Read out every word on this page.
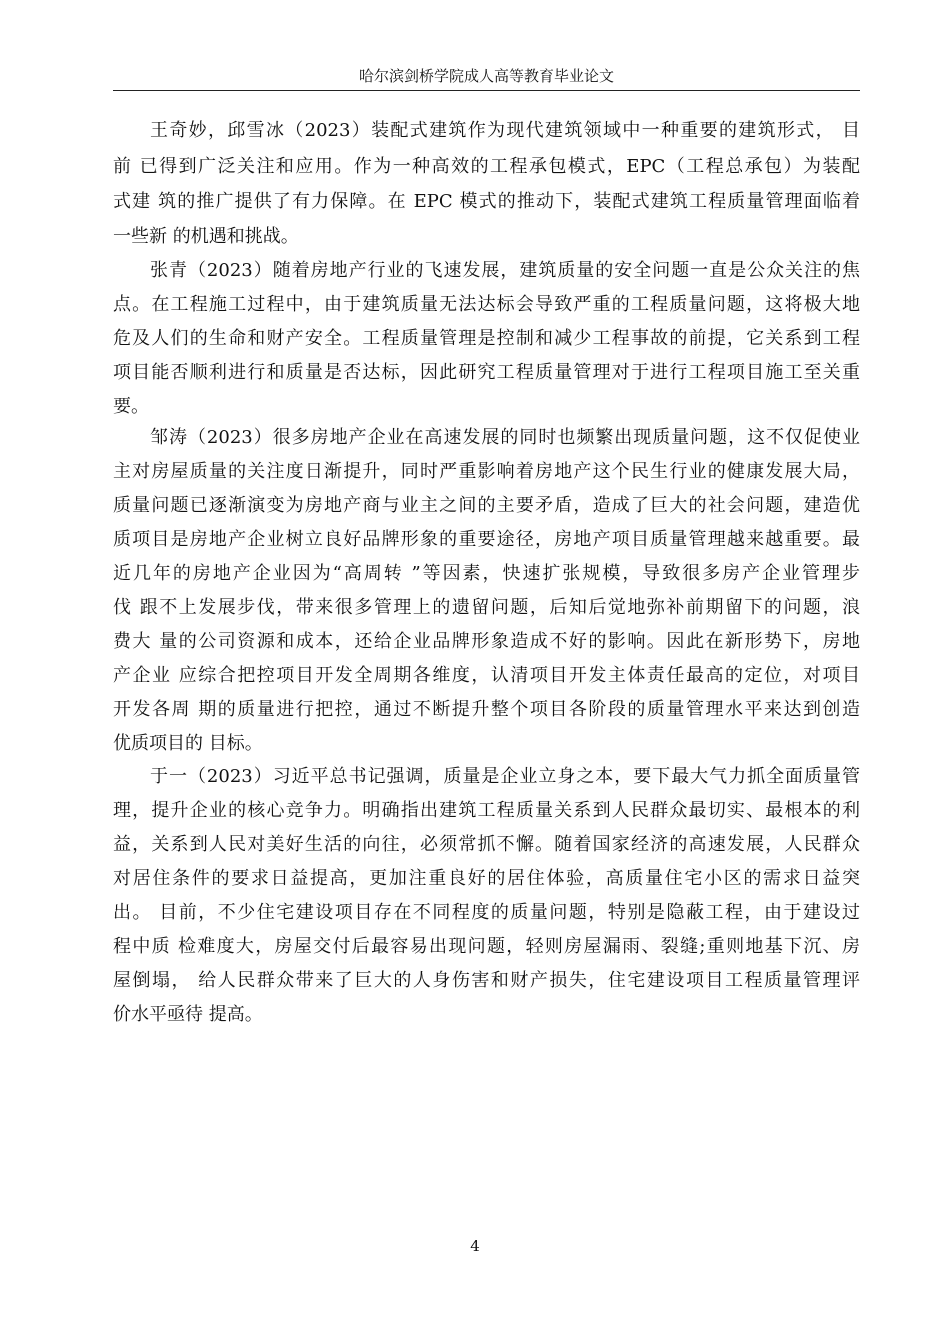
哈尔滨剑桥学院成人高等教育毕业论文
王奇妙，邱雪冰（2023）装配式建筑作为现代建筑领域中一种重要的建筑形式， 目
前 已得到广泛关注和应用。作为一种高效的工程承包模式，EPC（工程总承包）为装配
式建 筑的推广提供了有力保障。在 EPC 模式的推动下，装配式建筑工程质量管理面临着
一些新 的机遇和挑战。
张青（2023）随着房地产行业的飞速发展，建筑质量的安全问题一直是公众关注的焦
点。在工程施工过程中，由于建筑质量无法达标会导致严重的工程质量问题，这将极大地
危及人们的生命和财产安全。工程质量管理是控制和减少工程事故的前提，它关系到工程
项目能否顺利进行和质量是否达标，因此研究工程质量管理对于进行工程项目施工至关重
要。
邹涛（2023）很多房地产企业在高速发展的同时也频繁出现质量问题，这不仅促使业
主对房屋质量的关注度日渐提升，同时严重影响着房地产这个民生行业的健康发展大局，
质量问题已逐渐演变为房地产商与业主之间的主要矛盾，造成了巨大的社会问题，建造优
质项目是房地产企业树立良好品牌形象的重要途径，房地产项目质量管理越来越重要。最
近几年的房地产企业因为“高周转 ”等因素，快速扩张规模，导致很多房产企业管理步
伐 跟不上发展步伐，带来很多管理上的遗留问题，后知后觉地弥补前期留下的问题，浪
费大 量的公司资源和成本，还给企业品牌形象造成不好的影响。因此在新形势下，房地
产企业 应综合把控项目开发全周期各维度，认清项目开发主体责任最高的定位，对项目
开发各周 期的质量进行把控，通过不断提升整个项目各阶段的质量管理水平来达到创造
优质项目的 目标。
于一（2023）习近平总书记强调，质量是企业立身之本，要下最大气力抓全面质量管
理，提升企业的核心竞争力。明确指出建筑工程质量关系到人民群众最切实、最根本的利
益，关系到人民对美好生活的向往，必须常抓不懈。随着国家经济的高速发展，人民群众
对居住条件的要求日益提高，更加注重良好的居住体验，高质量住宅小区的需求日益突
出。 目前，不少住宅建设项目存在不同程度的质量问题，特别是隐蔽工程，由于建设过
程中质 检难度大，房屋交付后最容易出现问题，轻则房屋漏雨、裂缝;重则地基下沉、房
屋倒塌， 给人民群众带来了巨大的人身伤害和财产损失，住宅建设项目工程质量管理评
价水平亟待 提高。
4
